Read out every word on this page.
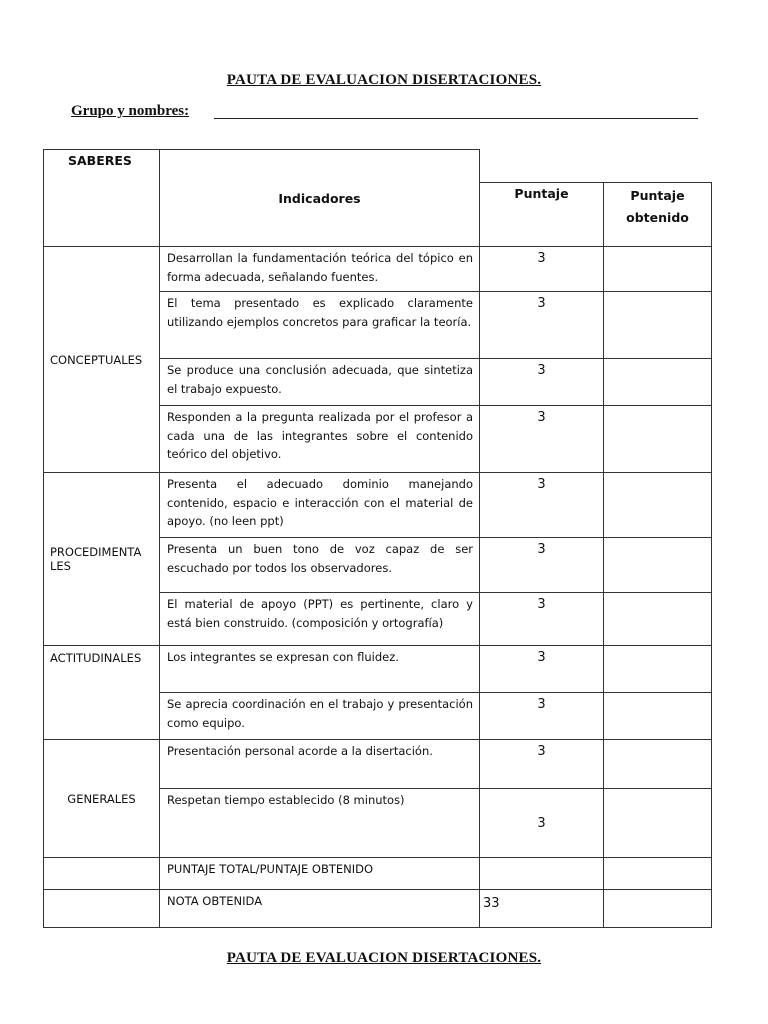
PAUTA DE EVALUACION DISERTACIONES.
Grupo y nombres:
SABERES	Indicadores		
		Puntaje	Puntaje obtenido
CONCEPTUALES	Desarrollan la fundamentación teórica del tópico en forma adecuada, señalando fuentes.	3	
	El tema presentado es explicado claramente utilizando ejemplos concretos para graficar la teoría.	3	
	Se produce una conclusión adecuada, que sintetiza el trabajo expuesto.	3	
	Responden a la pregunta realizada por el profesor a cada una de las integrantes sobre el contenido teórico del objetivo.	3	
PROCEDIMENTA
LES	Presenta el adecuado dominio manejando contenido, espacio e interacción con el material de apoyo. (no leen ppt)	3	
	Presenta un buen tono de voz capaz de ser escuchado por todos los observadores.	3	
	El material de apoyo (PPT) es pertinente, claro y está bien construido. (composición y ortografía)	3	
ACTITUDINALES	Los integrantes se expresan con fluidez.	3	
	Se aprecia coordinación en el trabajo y presentación como equipo.	3	
GENERALES	Presentación personal acorde a la disertación.	3	
	Respetan tiempo establecido (8 minutos)	3	
	PUNTAJE TOTAL/PUNTAJE OBTENIDO		
	NOTA OBTENIDA	33	
PAUTA DE EVALUACION DISERTACIONES.
